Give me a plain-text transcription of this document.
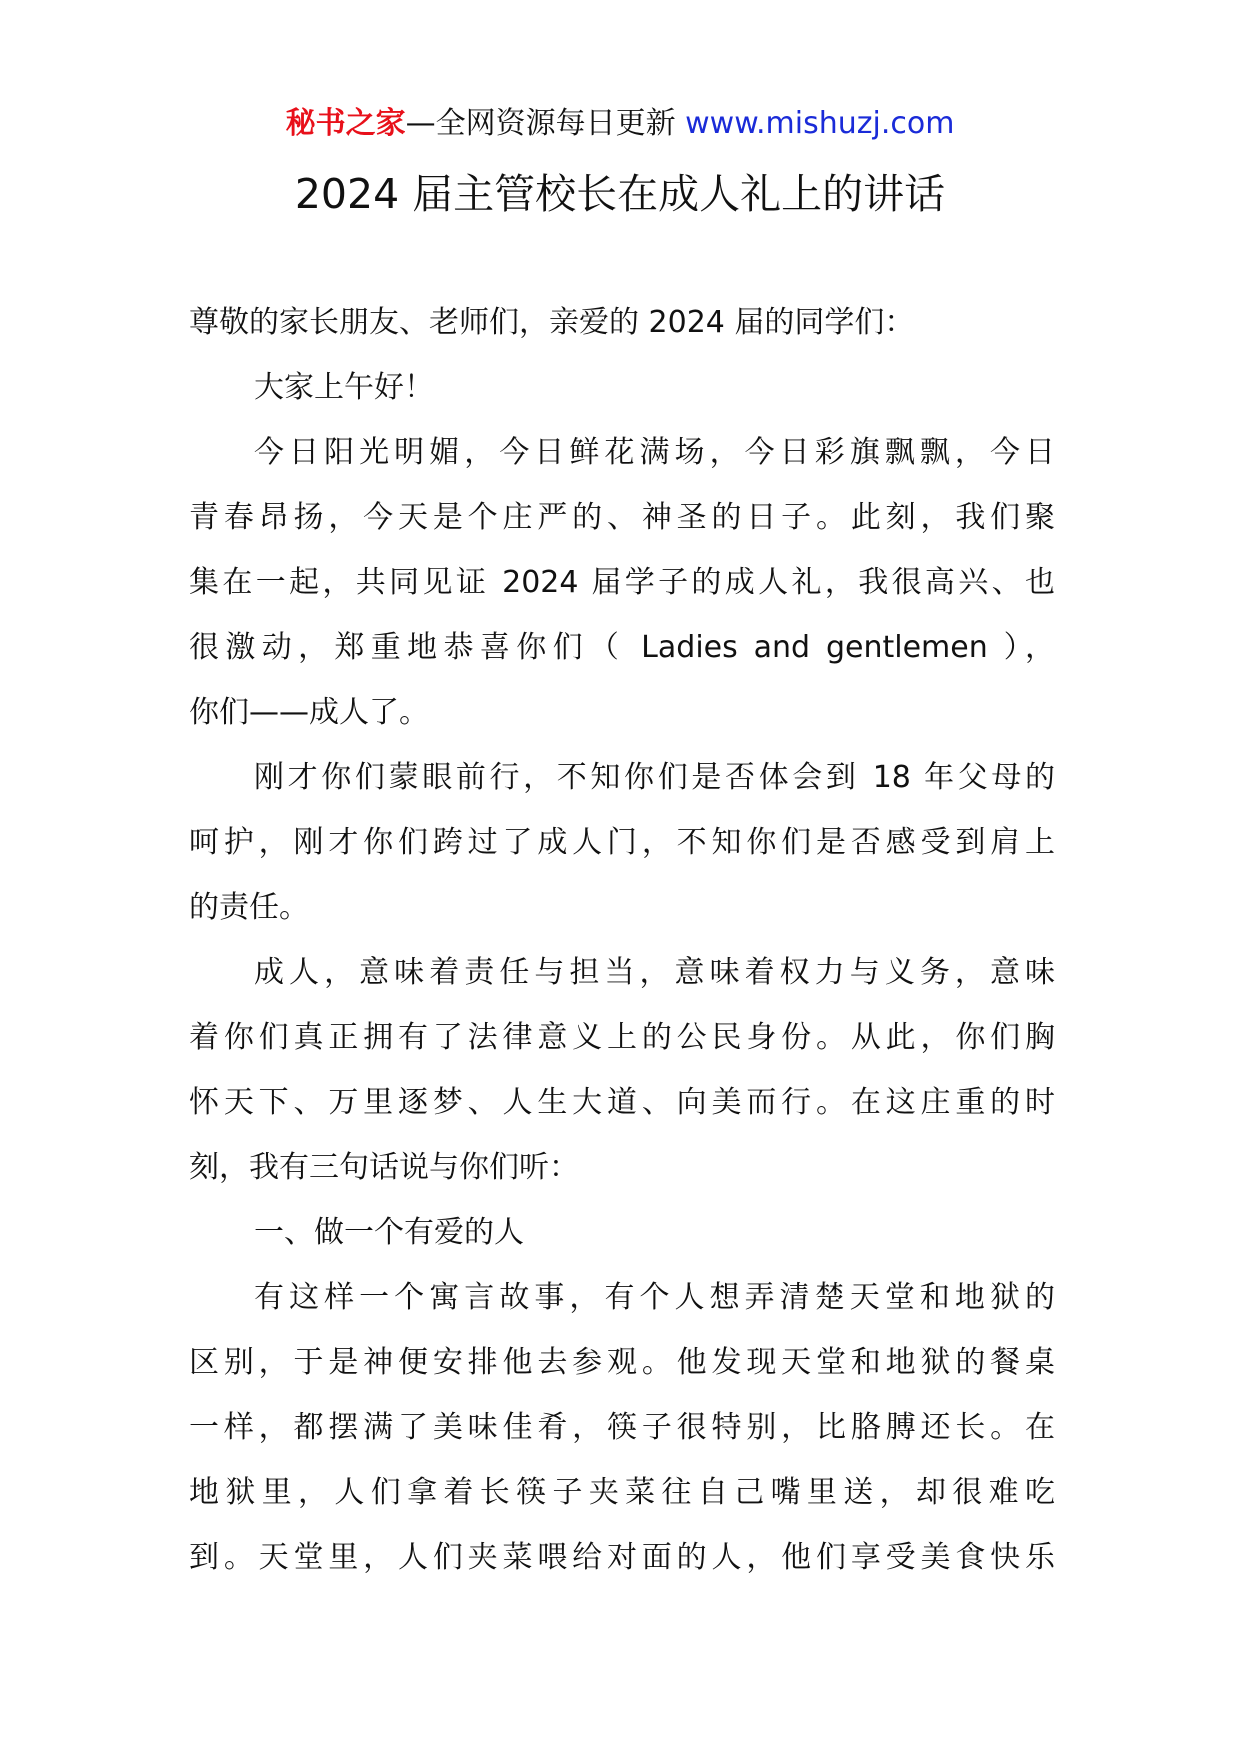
秘书之家—全网资源每日更新 www.mishuzj.com
2024 届主管校长在成人礼上的讲话

尊敬的家长朋友、老师们，亲爱的 2024 届的同学们：

大家上午好！

今日阳光明媚，今日鲜花满场，今日彩旗飘飘，今日

青春昂扬，今天是个庄严的、神圣的日子。此刻，我们聚

集在一起，共同见证 2024 届学子的成人礼，我很高兴、也

很激动，郑重地恭喜你们（ Ladies and gentlemen ），

你们——成人了。

刚才你们蒙眼前行，不知你们是否体会到 18 年父母的

呵护，刚才你们跨过了成人门，不知你们是否感受到肩上

的责任。

成人，意味着责任与担当，意味着权力与义务，意味

着你们真正拥有了法律意义上的公民身份。从此，你们胸

怀天下、万里逐梦、人生大道、向美而行。在这庄重的时

刻，我有三句话说与你们听：

一、做一个有爱的人

有这样一个寓言故事，有个人想弄清楚天堂和地狱的

区别，于是神便安排他去参观。他发现天堂和地狱的餐桌

一样，都摆满了美味佳肴，筷子很特别，比胳膊还长。在

地狱里，人们拿着长筷子夹菜往自己嘴里送，却很难吃

到。天堂里，人们夹菜喂给对面的人，他们享受美食快乐
